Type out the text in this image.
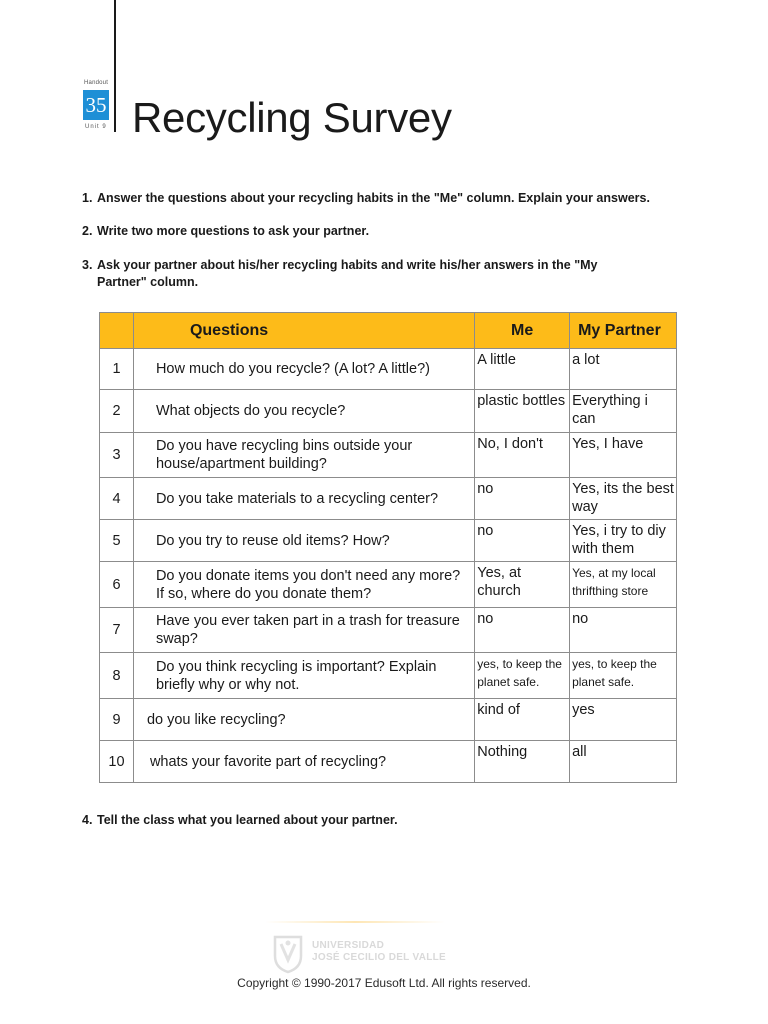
Handout
35
Unit 9 Recycling Survey
1. Answer the questions about your recycling habits in the "Me" column. Explain your answers.
2. Write two more questions to ask your partner.
3. Ask your partner about his/her recycling habits and write his/her answers in the "My
Partner" column.
	Questions	Me	My Partner
1	How much do you recycle? (A lot? A little?)	A little	a lot
2	What objects do you recycle?	plastic bottles	Everything i can
3	Do you have recycling bins outside your house/apartment building?	No, I don't	Yes, I have
4	Do you take materials to a recycling center?	no	Yes, its the best way
5	Do you try to reuse old items? How?	no	Yes, i try to diy with them
6	Do you donate items you don't need any more? If so, where do you donate them?	Yes, at church	Yes, at my local thrifthing store
7	Have you ever taken part in a trash for treasure swap?	no	no
8	Do you think recycling is important? Explain briefly why or why not.	yes, to keep the planet safe.	yes, to keep the planet safe.
9	do you like recycling?	kind of	yes
10	whats your favorite part of recycling?	Nothing	all
4. Tell the class what you learned about your partner.
UNIVERSIDAD
JOSÉ CECILIO DEL VALLE
Copyright © 1990-2017 Edusoft Ltd. All rights reserved.
